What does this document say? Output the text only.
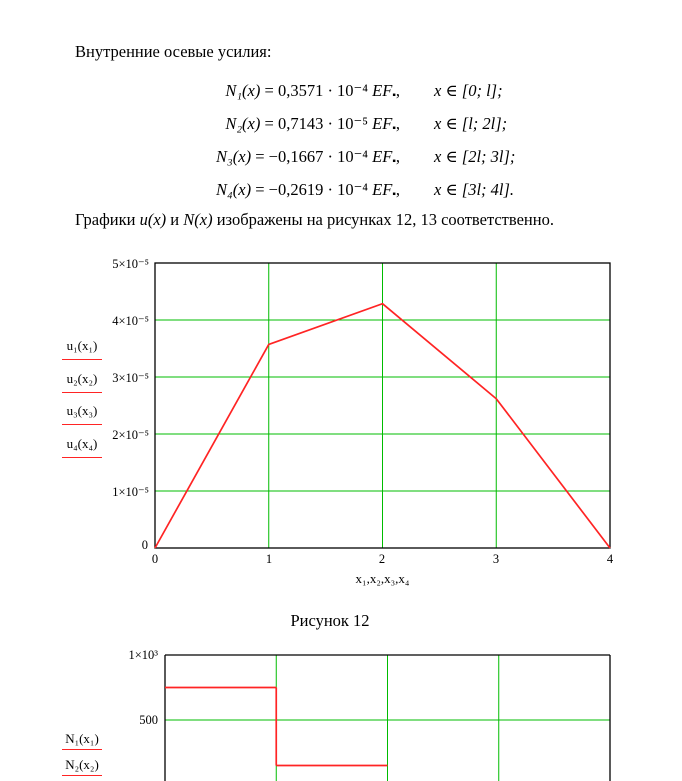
Внутренние осевые усилия:
N₁(x) = 0,3571 · 10⁻⁴ EF▪, x ∈ [0; l];
N₂(x) = 0,7143 · 10⁻⁵ EF▪, x ∈ [l; 2l];
N₃(x) = −0,1667 · 10⁻⁴ EF▪, x ∈ [2l; 3l];
N₄(x) = −0,2619 · 10⁻⁴ EF▪, x ∈ [3l; 4l].
Графики u(x) и N(x) изображены на рисунках 12, 13 соответственно.
5×10⁻⁵
4×10⁻⁵
3×10⁻⁵
2×10⁻⁵
1×10⁻⁵
0
u₁(x₁)
u₂(x₂)
u₃(x₃)
u₄(x₄)
0	1	2	3	4
x₁,x₂,x₃,x₄
Рисунок 12
1×10³
500
N₁(x₁)
N₂(x₂)
